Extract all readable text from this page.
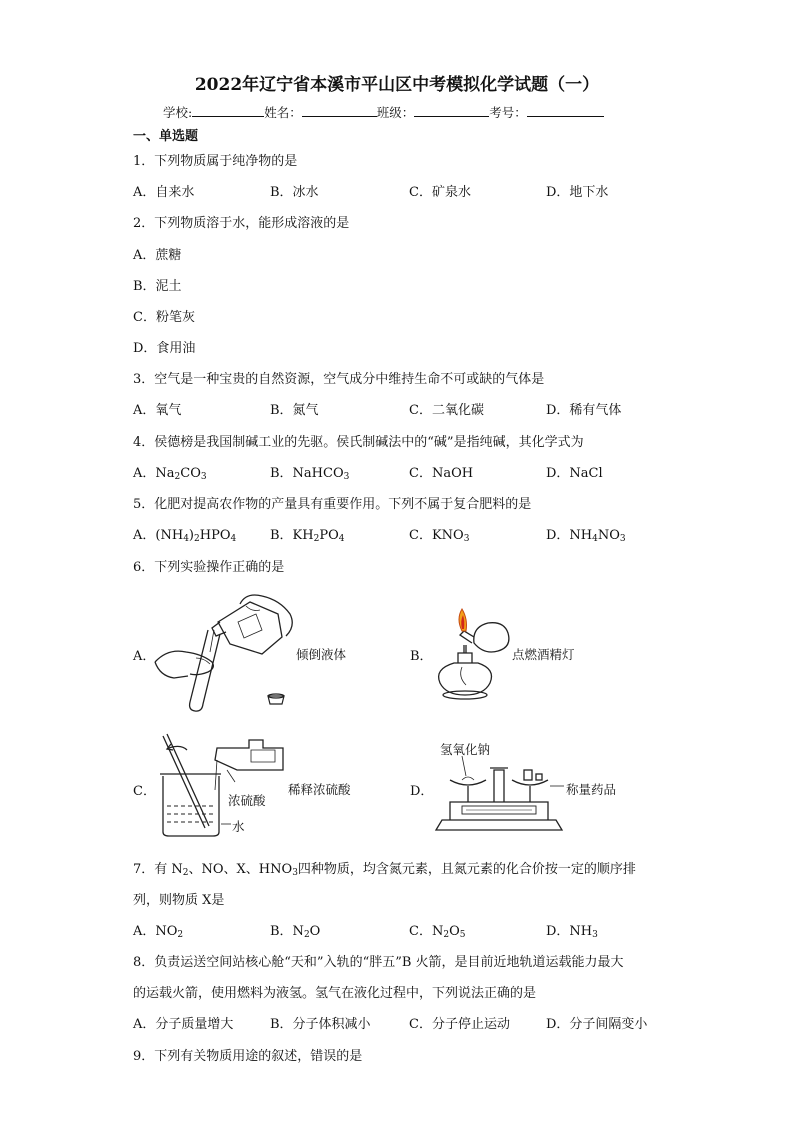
2022年辽宁省本溪市平山区中考模拟化学试题（一）
学校:	姓名：	班级：	考号：
一、单选题
1．下列物质属于纯净物的是
A．自来水	B．冰水	C．矿泉水	D．地下水
2．下列物质溶于水，能形成溶液的是
A．蔗糖
B．泥土
C．粉笔灰
D．食用油
3．空气是一种宝贵的自然资源，空气成分中维持生命不可或缺的气体是
A．氧气	B．氮气	C．二氧化碳	D．稀有气体
4．侯德榜是我国制碱工业的先驱。侯氏制碱法中的“碱”是指纯碱，其化学式为
A．$Na_2CO_3$	B．NaHCO$_3$	C．NaOH	D．NaCl
5．化肥对提高农作物的产量具有重要作用。下列不属于复合肥料的是
A．$(NH_4)_2HPO_4$	B．$KH_2PO_4$	C．$KNO_3$	D．$NH_4NO_3$
6．下列实验操作正确的是
A．	倾倒液体	B．	点燃酒精灯
C．
浓硫酸
水
稀释浓硫酸	D．
氢氧化钠
称量药品
7．有 $N_2$、NO、X、$HNO_3$四种物质，均含氮元素，且氮元素的化合价按一定的顺序排
列，则物质 X是
A．$NO_2$	B．$N_2O$	C．$N_2O_5$	D．$NH_3$
8．负责运送空间站核心舱“天和”入轨的“胖五”B 火箭，是目前近地轨道运载能力最大
的运载火箭，使用燃料为液氢。氢气在液化过程中，下列说法正确的是
A．分子质量增大	B．分子体积减小	C．分子停止运动	D．分子间隔变小
9．下列有关物质用途的叙述，错误的是
